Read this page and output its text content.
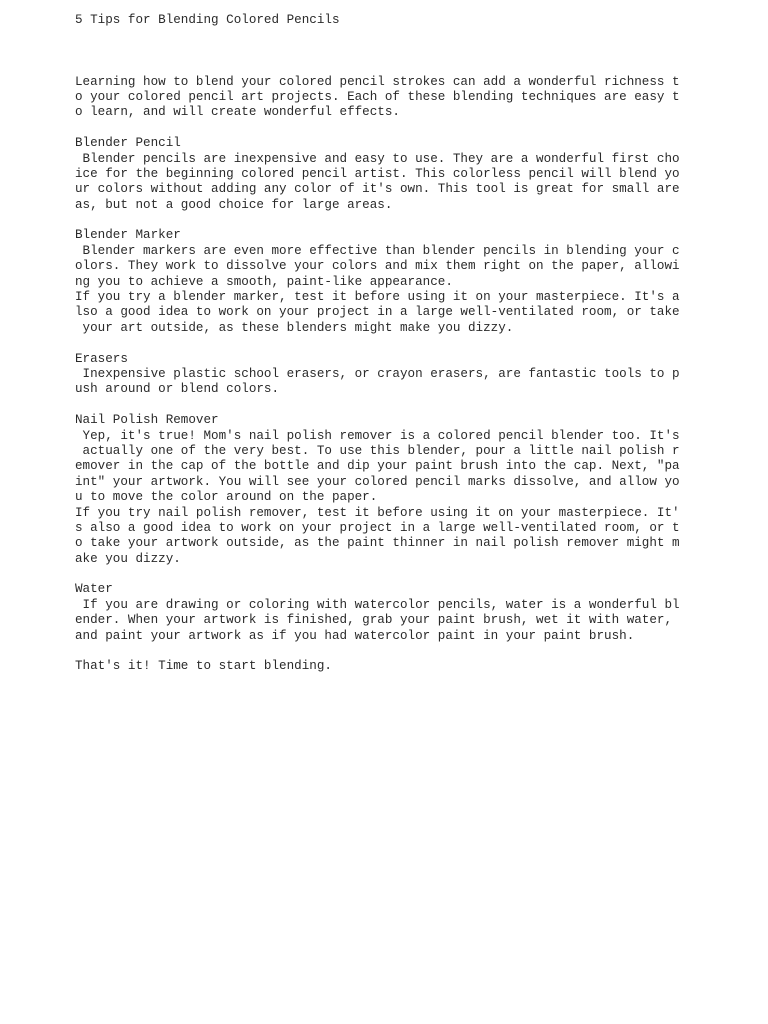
5 Tips for Blending Colored Pencils
Learning how to blend your colored pencil strokes can add a wonderful richness t
o your colored pencil art projects. Each of these blending techniques are easy t
o learn, and will create wonderful effects.
Blender Pencil
Blender pencils are inexpensive and easy to use. They are a wonderful first cho
ice for the beginning colored pencil artist. This colorless pencil will blend yo
ur colors without adding any color of it's own. This tool is great for small are
as, but not a good choice for large areas.
Blender Marker
Blender markers are even more effective than blender pencils in blending your c
olors. They work to dissolve your colors and mix them right on the paper, allowi
ng you to achieve a smooth, paint-like appearance.
If you try a blender marker, test it before using it on your masterpiece. It's a
lso a good idea to work on your project in a large well-ventilated room, or take
your art outside, as these blenders might make you dizzy.
Erasers
Inexpensive plastic school erasers, or crayon erasers, are fantastic tools to p
ush around or blend colors.
Nail Polish Remover
Yep, it's true! Mom's nail polish remover is a colored pencil blender too. It's
actually one of the very best. To use this blender, pour a little nail polish r
emover in the cap of the bottle and dip your paint brush into the cap. Next, "pa
int" your artwork. You will see your colored pencil marks dissolve, and allow yo
u to move the color around on the paper.
If you try nail polish remover, test it before using it on your masterpiece. It'
s also a good idea to work on your project in a large well-ventilated room, or t
o take your artwork outside, as the paint thinner in nail polish remover might m
ake you dizzy.
Water
If you are drawing or coloring with watercolor pencils, water is a wonderful bl
ender. When your artwork is finished, grab your paint brush, wet it with water,
and paint your artwork as if you had watercolor paint in your paint brush.
That's it! Time to start blending.
